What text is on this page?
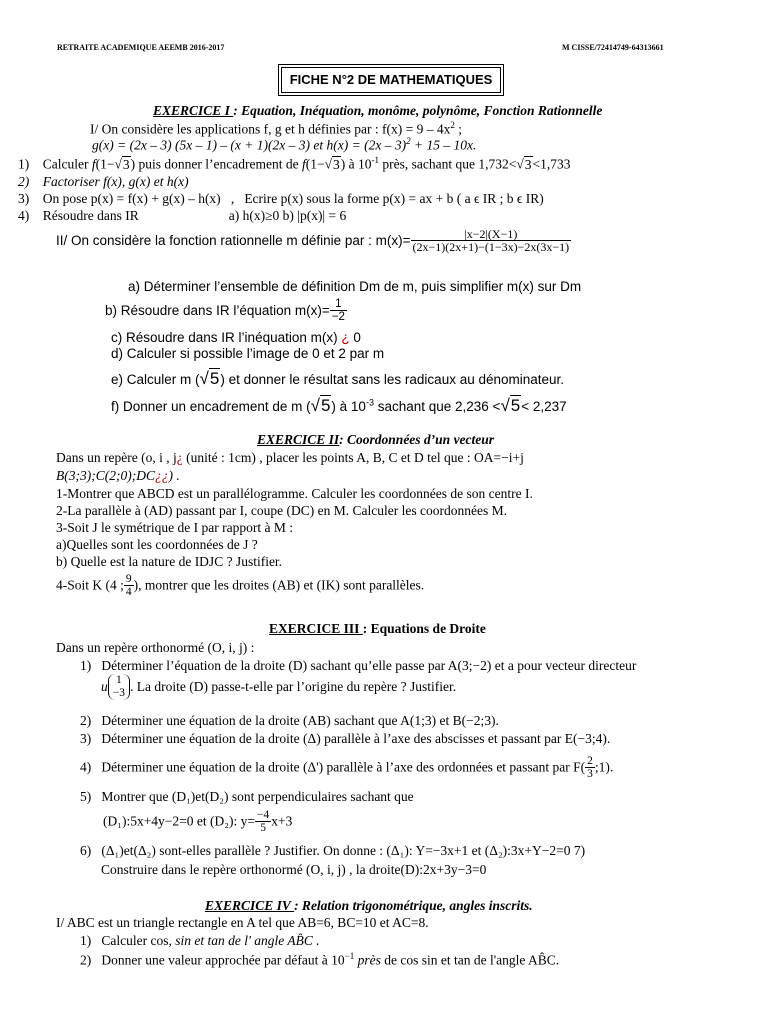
RETRAITE ACADEMIQUE AEEMB 2016-2017	M CISSE/72414749-64313661
FICHE N°2 DE MATHEMATIQUES
EXERCICE I : Equation, Inéquation, monôme, polynôme, Fonction Rationnelle
I/ On considère les applications f, g et h définies par : $f(x) = 9 - 4x^2$ ;
g(x) = (2x – 3) (5x – 1) – (x + 1)(2x – 3) et h(x) = (2x – 3)$^2$ + 15 – 10x.
1) Calculer f(1−√3) puis donner l’encadrement de f(1−√3) à $10^{-1}$ près, sachant que 1,732<√3<1,733
2) Factoriser f(x), g(x) et h(x)
3) On pose p(x) = f(x) + g(x) – h(x)   ,   Ecrire p(x) sous la forme p(x) = ax + b ( a ϵ IR ; b ϵ IR)
4) Résoudre dans IR	a) h(x)≥0 b) |p(x)| = 6
II/ On considère la fonction rationnelle m définie par : $m(x)= \frac{|x-2|(X-1)}{(2x-1)(2x+1)-(1-3x)-2x(3x-1)}$
a) Déterminer l’ensemble de définition Dm de m, puis simplifier m(x) sur Dm
b) Résoudre dans IR l’équation $m(x)= \frac{1}{-2}$
c) Résoudre dans IR l’inéquation m(x) ¿ 0
d) Calculer si possible l’image de 0 et 2 par m
e) Calculer m (√5) et donner le résultat sans les radicaux au dénominateur.
f) Donner un encadrement de m (√5) à $10^{-3}$ sachant que 2,236 <√5< 2,237
EXERCICE II: Coordonnées d’un vecteur
Dans un repère (o, i , j¿ (unité : 1cm) , placer les points A, B, C et D tel que : OA=−i+j
B(3;3);C(2;0);DC¿¿) .
1-Montrer que ABCD est un parallélogramme. Calculer les coordonnées de son centre I.
2-La parallèle à (AD) passant par I, coupe (DC) en M. Calculer les coordonnées M.
3-Soit J le symétrique de I par rapport à M :
a)Quelles sont les coordonnées de J ?
b) Quelle est la nature de IDJC ? Justifier.
4-Soit K (4 ; $\frac{9}{4}$ ), montrer que les droites (AB) et (IK) sont parallèles.
EXERCICE III : Equations de Droite
Dans un repère orthonormé (O, i, j) :
1) Déterminer l’équation de la droite (D) sachant qu’elle passe par A(3;−2) et a pour vecteur directeur
u 1
−3 . La droite (D) passe-t-elle par l’origine du repère ? Justifier.
2) Déterminer une équation de la droite (AB) sachant que A(1;3) et B(−2;3).
3) Déterminer une équation de la droite (Δ) parallèle à l’axe des abscisses et passant par E(−3;4).
4) Déterminer une équation de la droite (Δ') parallèle à l’axe des ordonnées et passant par $F( \frac{2}{3}$ ;1).
5) Montrer que (D₁)et(D₂) sont perpendiculaires sachant que
(D₁):5x+4y−2=0 et (D₂): $y= \frac{-4}{5} x+3$
6) (Δ₁)et(Δ₂) sont-elles parallèle ? Justifier. On donne : (Δ₁): Y=−3x+1 et (Δ₂):3x+Y−2=0 7)
Construire dans le repère orthonormé (O, i, j) , la droite(D):2x+3y−3=0
EXERCICE IV : Relation trigonométrique, angles inscrits.
I/ ABC est un triangle rectangle en A tel que AB=6, BC=10 et AC=8.
1) Calculer cos, sin et tan de l' angle AB̂C .
2) Donner une valeur approchée par défaut à $10^{-1}$ près de cos sin et tan de l'angle AB̂C.
